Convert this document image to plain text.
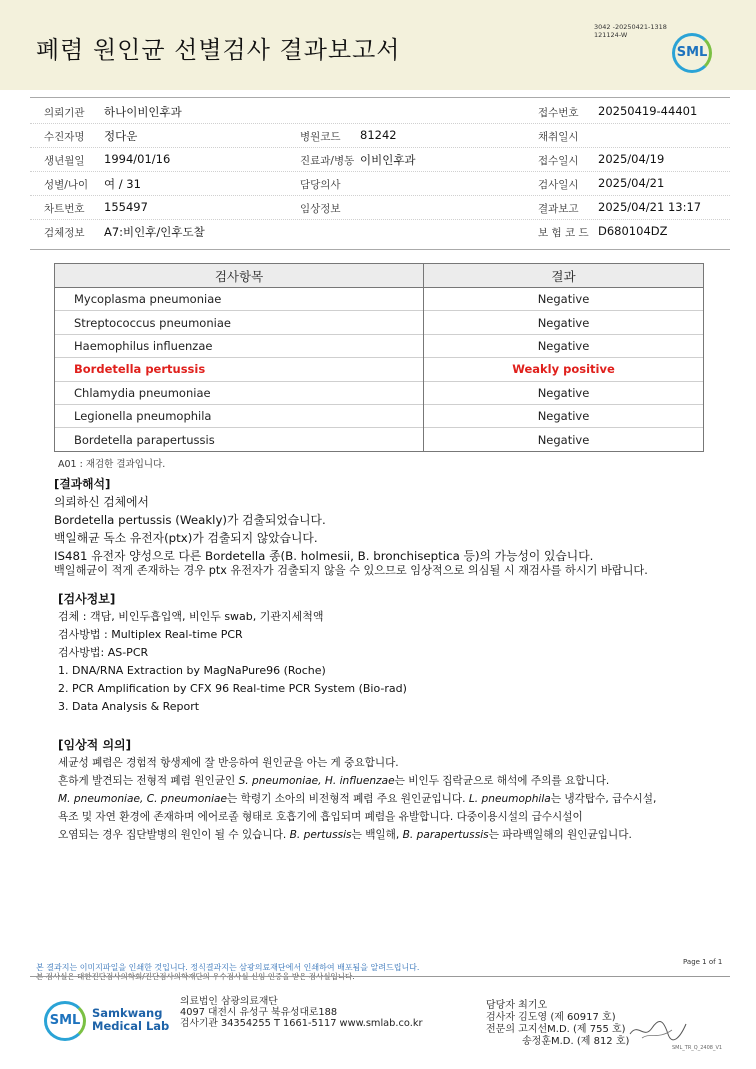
폐렴 원인균 선별검사 결과보고서
3042 -20250421-1318
121124-W
SML
의뢰기관 하나이비인후과	접수번호 20250419-44401
수진자명 정다운	병원코드 81242	채취일시
생년월일 1994/01/16	진료과/병동 이비인후과	접수일시 2025/04/19
성별/나이 여 / 31	담당의사	검사일시 2025/04/21
차트번호 155497	임상정보	결과보고 2025/04/21 13:17
검체정보 A7:비인후/인후도찰	보 험 코 드 D680104DZ
검사항목	결과
Mycoplasma pneumoniae	Negative
Streptococcus pneumoniae	Negative
Haemophilus influenzae	Negative
Bordetella pertussis	Weakly positive
Chlamydia pneumoniae	Negative
Legionella pneumophila	Negative
Bordetella parapertussis	Negative
A01 : 재검한 결과입니다.
[결과해석]
의뢰하신 검체에서
Bordetella pertussis (Weakly)가 검출되었습니다.
백일해균 독소 유전자(ptx)가 검출되지 않았습니다.
IS481 유전자 양성으로 다른 Bordetella 종(B. holmesii, B. bronchiseptica 등)의 가능성이 있습니다.
백일해균이 적게 존재하는 경우 ptx 유전자가 검출되지 않을 수 있으므로 임상적으로 의심될 시 재검사를 하시기 바랍니다.
[검사정보]
검체 : 객담, 비인두흡입액, 비인두 swab, 기관지세척액
검사방법 : Multiplex Real-time PCR
검사방법: AS-PCR
1. DNA/RNA Extraction by MagNaPure96 (Roche)
2. PCR Amplification by CFX 96 Real-time PCR System (Bio-rad)
3. Data Analysis & Report
[임상적 의의]
세균성 폐렴은 경험적 항생제에 잘 반응하여 원인균을 아는 게 중요합니다.
흔하게 발견되는 전형적 폐렴 원인균인 S. pneumoniae, H. influenzae는 비인두 집락균으로 해석에 주의를 요합니다.
M. pneumoniae, C. pneumoniae는 학령기 소아의 비전형적 폐렴 주요 원인균입니다. L. pneumophila는 냉각탑수, 급수시설,
욕조 및 자연 환경에 존재하며 에어로졸 형태로 호흡기에 흡입되며 폐렴을 유발합니다. 다중이용시설의 급수시설이
오염되는 경우 집단발병의 원인이 될 수 있습니다. B. pertussis는 백일해, B. parapertussis는 파라백일해의 원인균입니다.
본 결과지는 이미지파일을 인쇄한 것입니다. 정식결과지는 삼광의료재단에서 인쇄하여 배포됨을 알려드립니다.
본 검사실은 대한진단검사의학회/진단검사의학재단의 우수검사실 신임 인증을 받은 검사실입니다.
Page 1 of 1
SML	Samkwang
Medical Lab
의료법인 삼광의료재단
4097 대전시 유성구 북유성대로188
검사기관 34354255 T 1661-5117 www.smlab.co.kr
담당자 최기오
검사자 김도영 (제 60917 호)
전문의 고지선M.D. (제 755 호)
송정훈M.D. (제 812 호)
SML_TR_Q_2408_V1
